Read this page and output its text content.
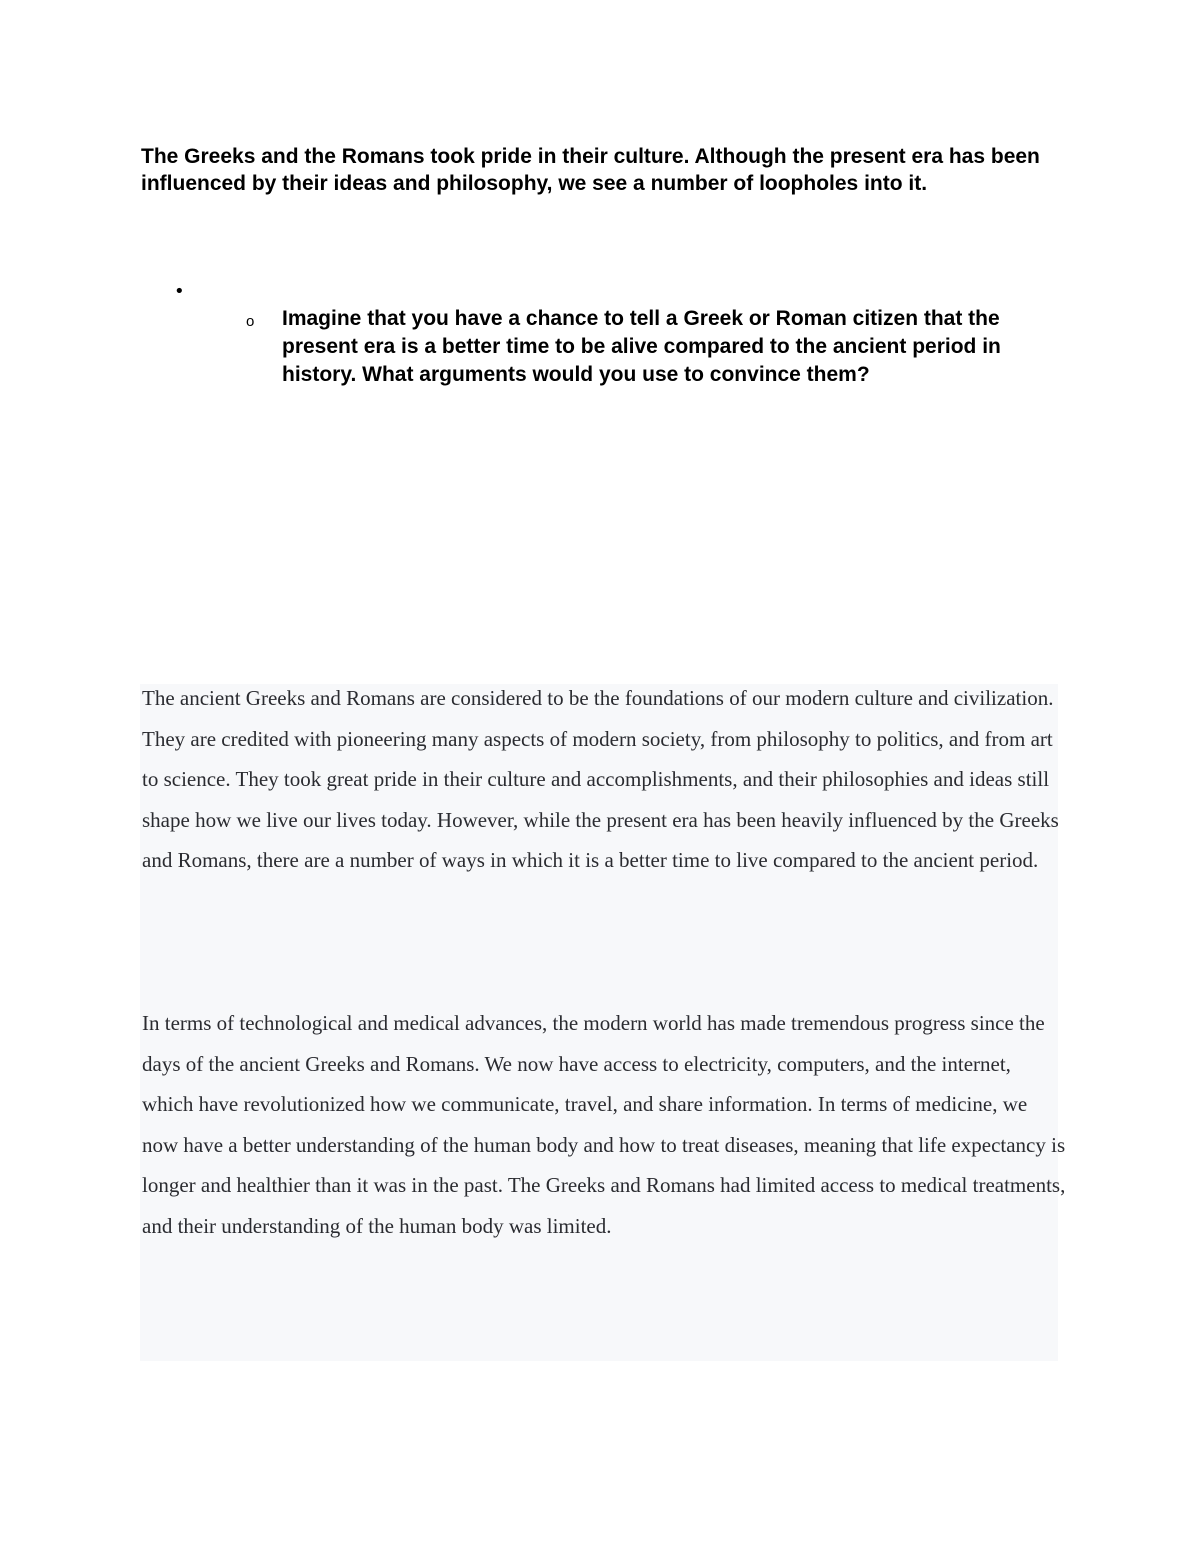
The Greeks and the Romans took pride in their culture. Although the present era has been influenced by their ideas and philosophy, we see a number of loopholes into it.

•
o Imagine that you have a chance to tell a Greek or Roman citizen that the present era is a better time to be alive compared to the ancient period in history. What arguments would you use to convince them?

The ancient Greeks and Romans are considered to be the foundations of our modern culture and civilization. They are credited with pioneering many aspects of modern society, from philosophy to politics, and from art to science. They took great pride in their culture and accomplishments, and their philosophies and ideas still shape how we live our lives today. However, while the present era has been heavily influenced by the Greeks and Romans, there are a number of ways in which it is a better time to live compared to the ancient period.

In terms of technological and medical advances, the modern world has made tremendous progress since the days of the ancient Greeks and Romans. We now have access to electricity, computers, and the internet, which have revolutionized how we communicate, travel, and share information. In terms of medicine, we now have a better understanding of the human body and how to treat diseases, meaning that life expectancy is longer and healthier than it was in the past. The Greeks and Romans had limited access to medical treatments, and their understanding of the human body was limited.
